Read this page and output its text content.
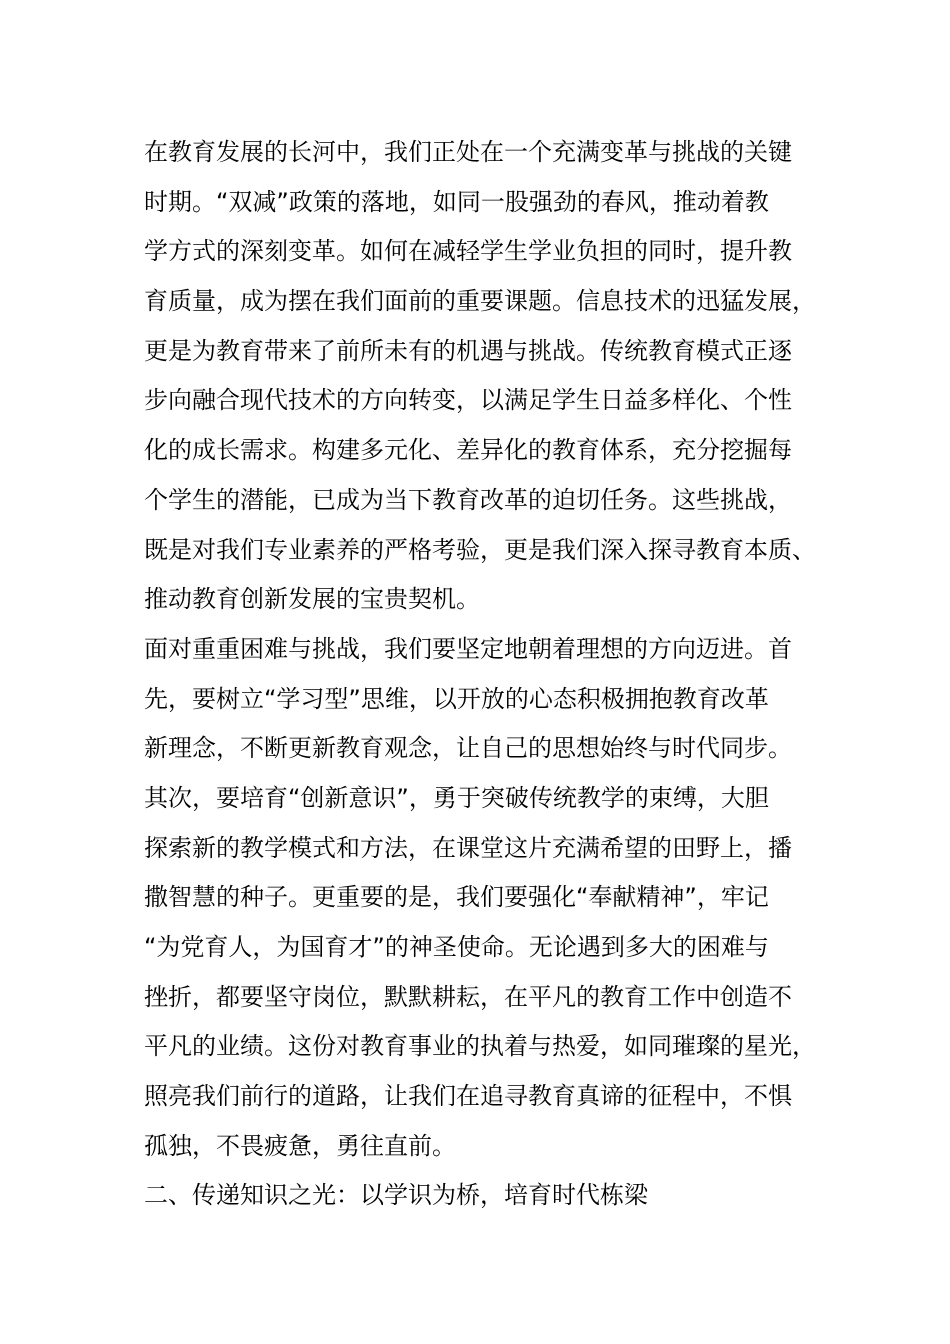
在教育发展的长河中，我们正处在一个充满变革与挑战的关键
时期。“双减”政策的落地，如同一股强劲的春风，推动着教
学方式的深刻变革。如何在减轻学生学业负担的同时，提升教
育质量，成为摆在我们面前的重要课题。信息技术的迅猛发展，
更是为教育带来了前所未有的机遇与挑战。传统教育模式正逐
步向融合现代技术的方向转变，以满足学生日益多样化、个性
化的成长需求。构建多元化、差异化的教育体系，充分挖掘每
个学生的潜能，已成为当下教育改革的迫切任务。这些挑战，
既是对我们专业素养的严格考验，更是我们深入探寻教育本质、
推动教育创新发展的宝贵契机。
面对重重困难与挑战，我们要坚定地朝着理想的方向迈进。首
先，要树立“学习型”思维，以开放的心态积极拥抱教育改革
新理念，不断更新教育观念，让自己的思想始终与时代同步。
其次，要培育“创新意识”，勇于突破传统教学的束缚，大胆
探索新的教学模式和方法，在课堂这片充满希望的田野上，播
撒智慧的种子。更重要的是，我们要强化“奉献精神”，牢记
“为党育人，为国育才”的神圣使命。无论遇到多大的困难与
挫折，都要坚守岗位，默默耕耘，在平凡的教育工作中创造不
平凡的业绩。这份对教育事业的执着与热爱，如同璀璨的星光，
照亮我们前行的道路，让我们在追寻教育真谛的征程中，不惧
孤独，不畏疲惫，勇往直前。
二、传递知识之光：以学识为桥，培育时代栋梁
